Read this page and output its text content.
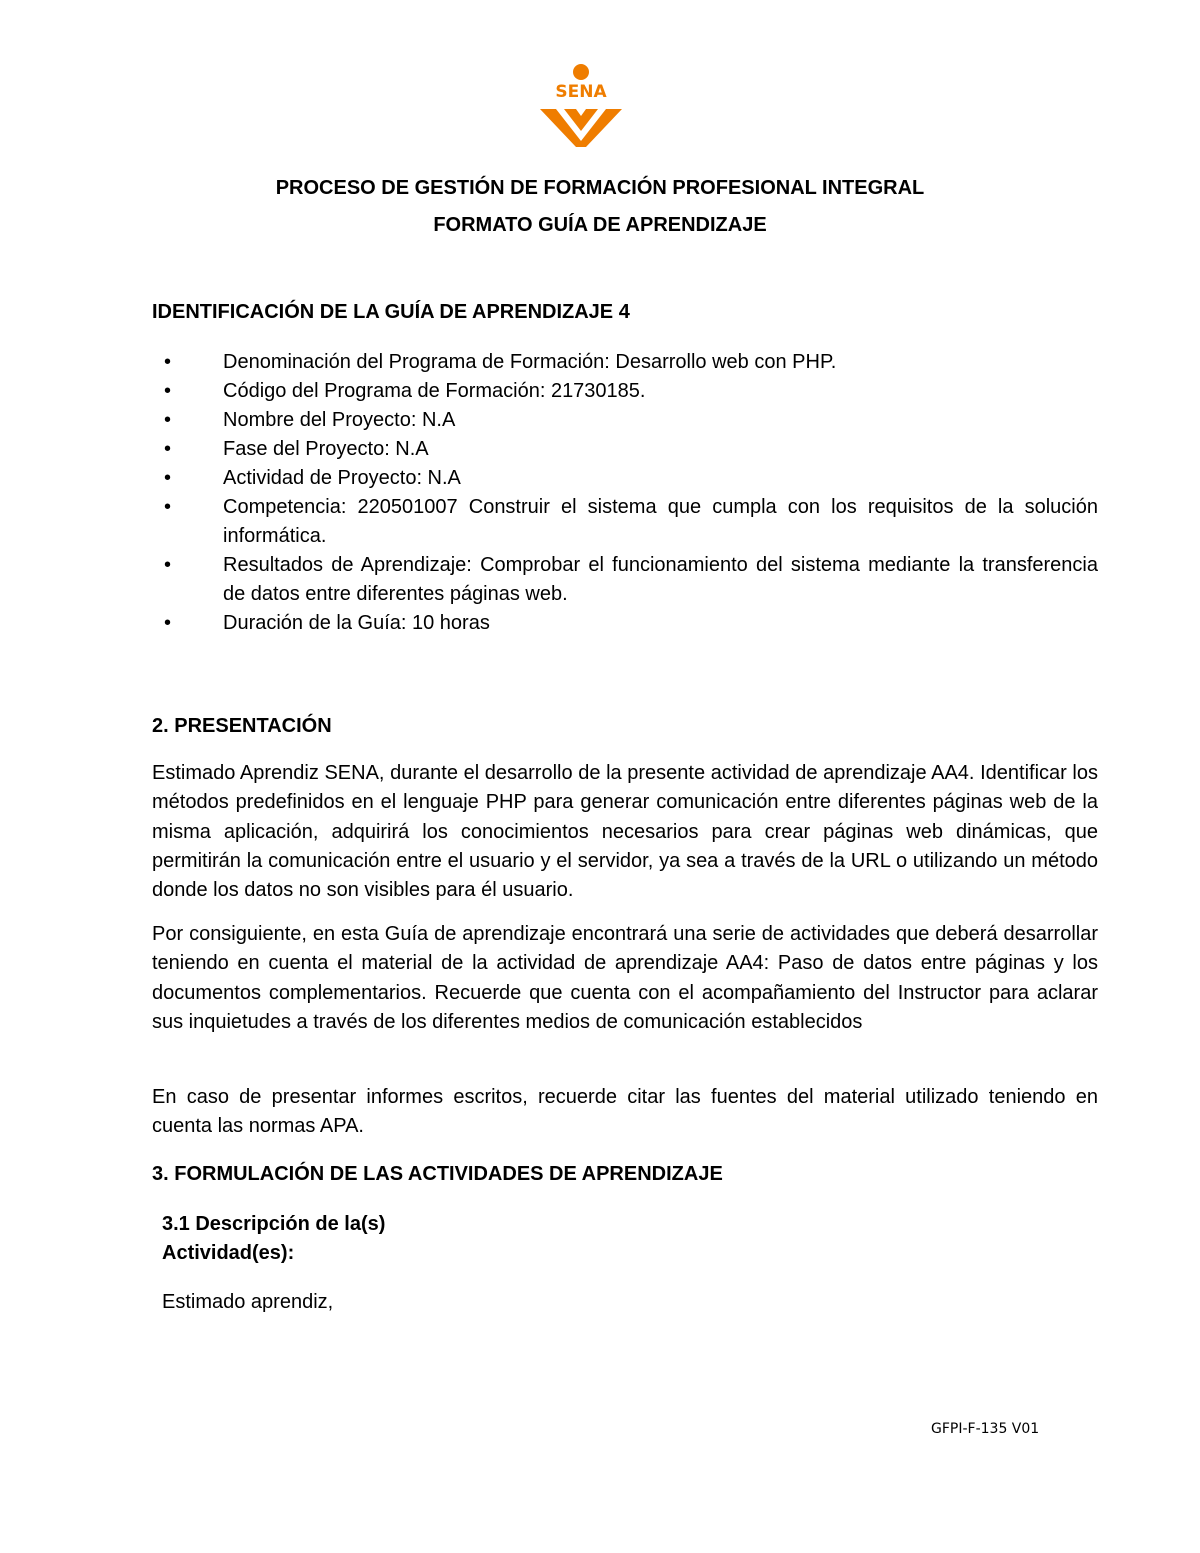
SENA
PROCESO DE GESTIÓN DE FORMACIÓN PROFESIONAL INTEGRAL
FORMATO GUÍA DE APRENDIZAJE
IDENTIFICACIÓN DE LA GUÍA DE APRENDIZAJE 4
•	Denominación del Programa de Formación: Desarrollo web con PHP.
•	Código del Programa de Formación: 21730185.
•	Nombre del Proyecto: N.A
•	Fase del Proyecto: N.A
•	Actividad de Proyecto: N.A
•	Competencia: 220501007 Construir el sistema que cumpla con los requisitos de la solución informática.
•	Resultados de Aprendizaje: Comprobar el funcionamiento del sistema mediante la transferencia de datos entre diferentes páginas web.
•	Duración de la Guía: 10 horas
2. PRESENTACIÓN

Estimado Aprendiz SENA, durante el desarrollo de la presente actividad de aprendizaje AA4. Identificar los métodos predefinidos en el lenguaje PHP para generar comunicación entre diferentes páginas web de la misma aplicación, adquirirá los conocimientos necesarios para crear páginas web dinámicas, que permitirán la comunicación entre el usuario y el servidor, ya sea a través de la URL o utilizando un método donde los datos no son visibles para él usuario.

Por consiguiente, en esta Guía de aprendizaje encontrará una serie de actividades que deberá desarrollar teniendo en cuenta el material de la actividad de aprendizaje AA4: Paso de datos entre páginas y los documentos complementarios. Recuerde que cuenta con el acompañamiento del Instructor para aclarar sus inquietudes a través de los diferentes medios de comunicación establecidos

En caso de presentar informes escritos, recuerde citar las fuentes del material utilizado teniendo en cuenta las normas APA.

3. FORMULACIÓN DE LAS ACTIVIDADES DE APRENDIZAJE
3.1 Descripción de la(s)
Actividad(es):
Estimado aprendiz,
GFPI-F-135 V01
